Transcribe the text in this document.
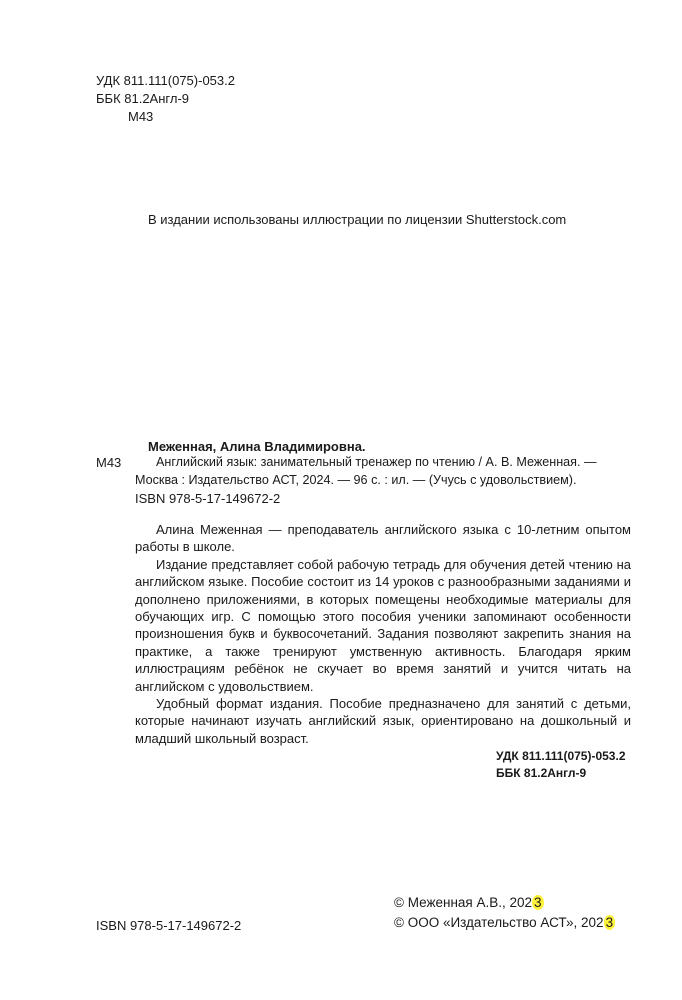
УДК 811.111(075)-053.2
ББК 81.2Англ-9
М43
В издании использованы иллюстрации по лицензии Shutterstock.com
Меженная, Алина Владимировна.
М43	Английский язык: занимательный тренажер по чтению / А. В. Меженная. —
Москва : Издательство АСТ, 2024. — 96 с. : ил. — (Учусь с удовольствием).
ISBN 978-5-17-149672-2

Алина Меженная — преподаватель английского языка с 10-летним опытом работы в школе.

Издание представляет собой рабочую тетрадь для обучения детей чтению на английском языке. Пособие состоит из 14 уроков с разнообразными заданиями и дополнено приложениями, в которых помещены необходимые материалы для обучающих игр. С помощью этого пособия ученики запоминают особенности произношения букв и буквосочетаний. Задания позволяют закрепить знания на практике, а также тренируют умственную активность. Благодаря ярким иллюстрациям ребёнок не скучает во время занятий и учится читать на английском с удовольствием.

Удобный формат издания. Пособие предназначено для занятий с детьми, которые начинают изучать английский язык, ориентировано на дошкольный и младший школьный возраст.

УДК 811.111(075)-053.2
ББК 81.2Англ-9
ISBN 978-5-17-149672-2
© Меженная А.В., 202 3
© ООО «Издательство АСТ», 202 3
